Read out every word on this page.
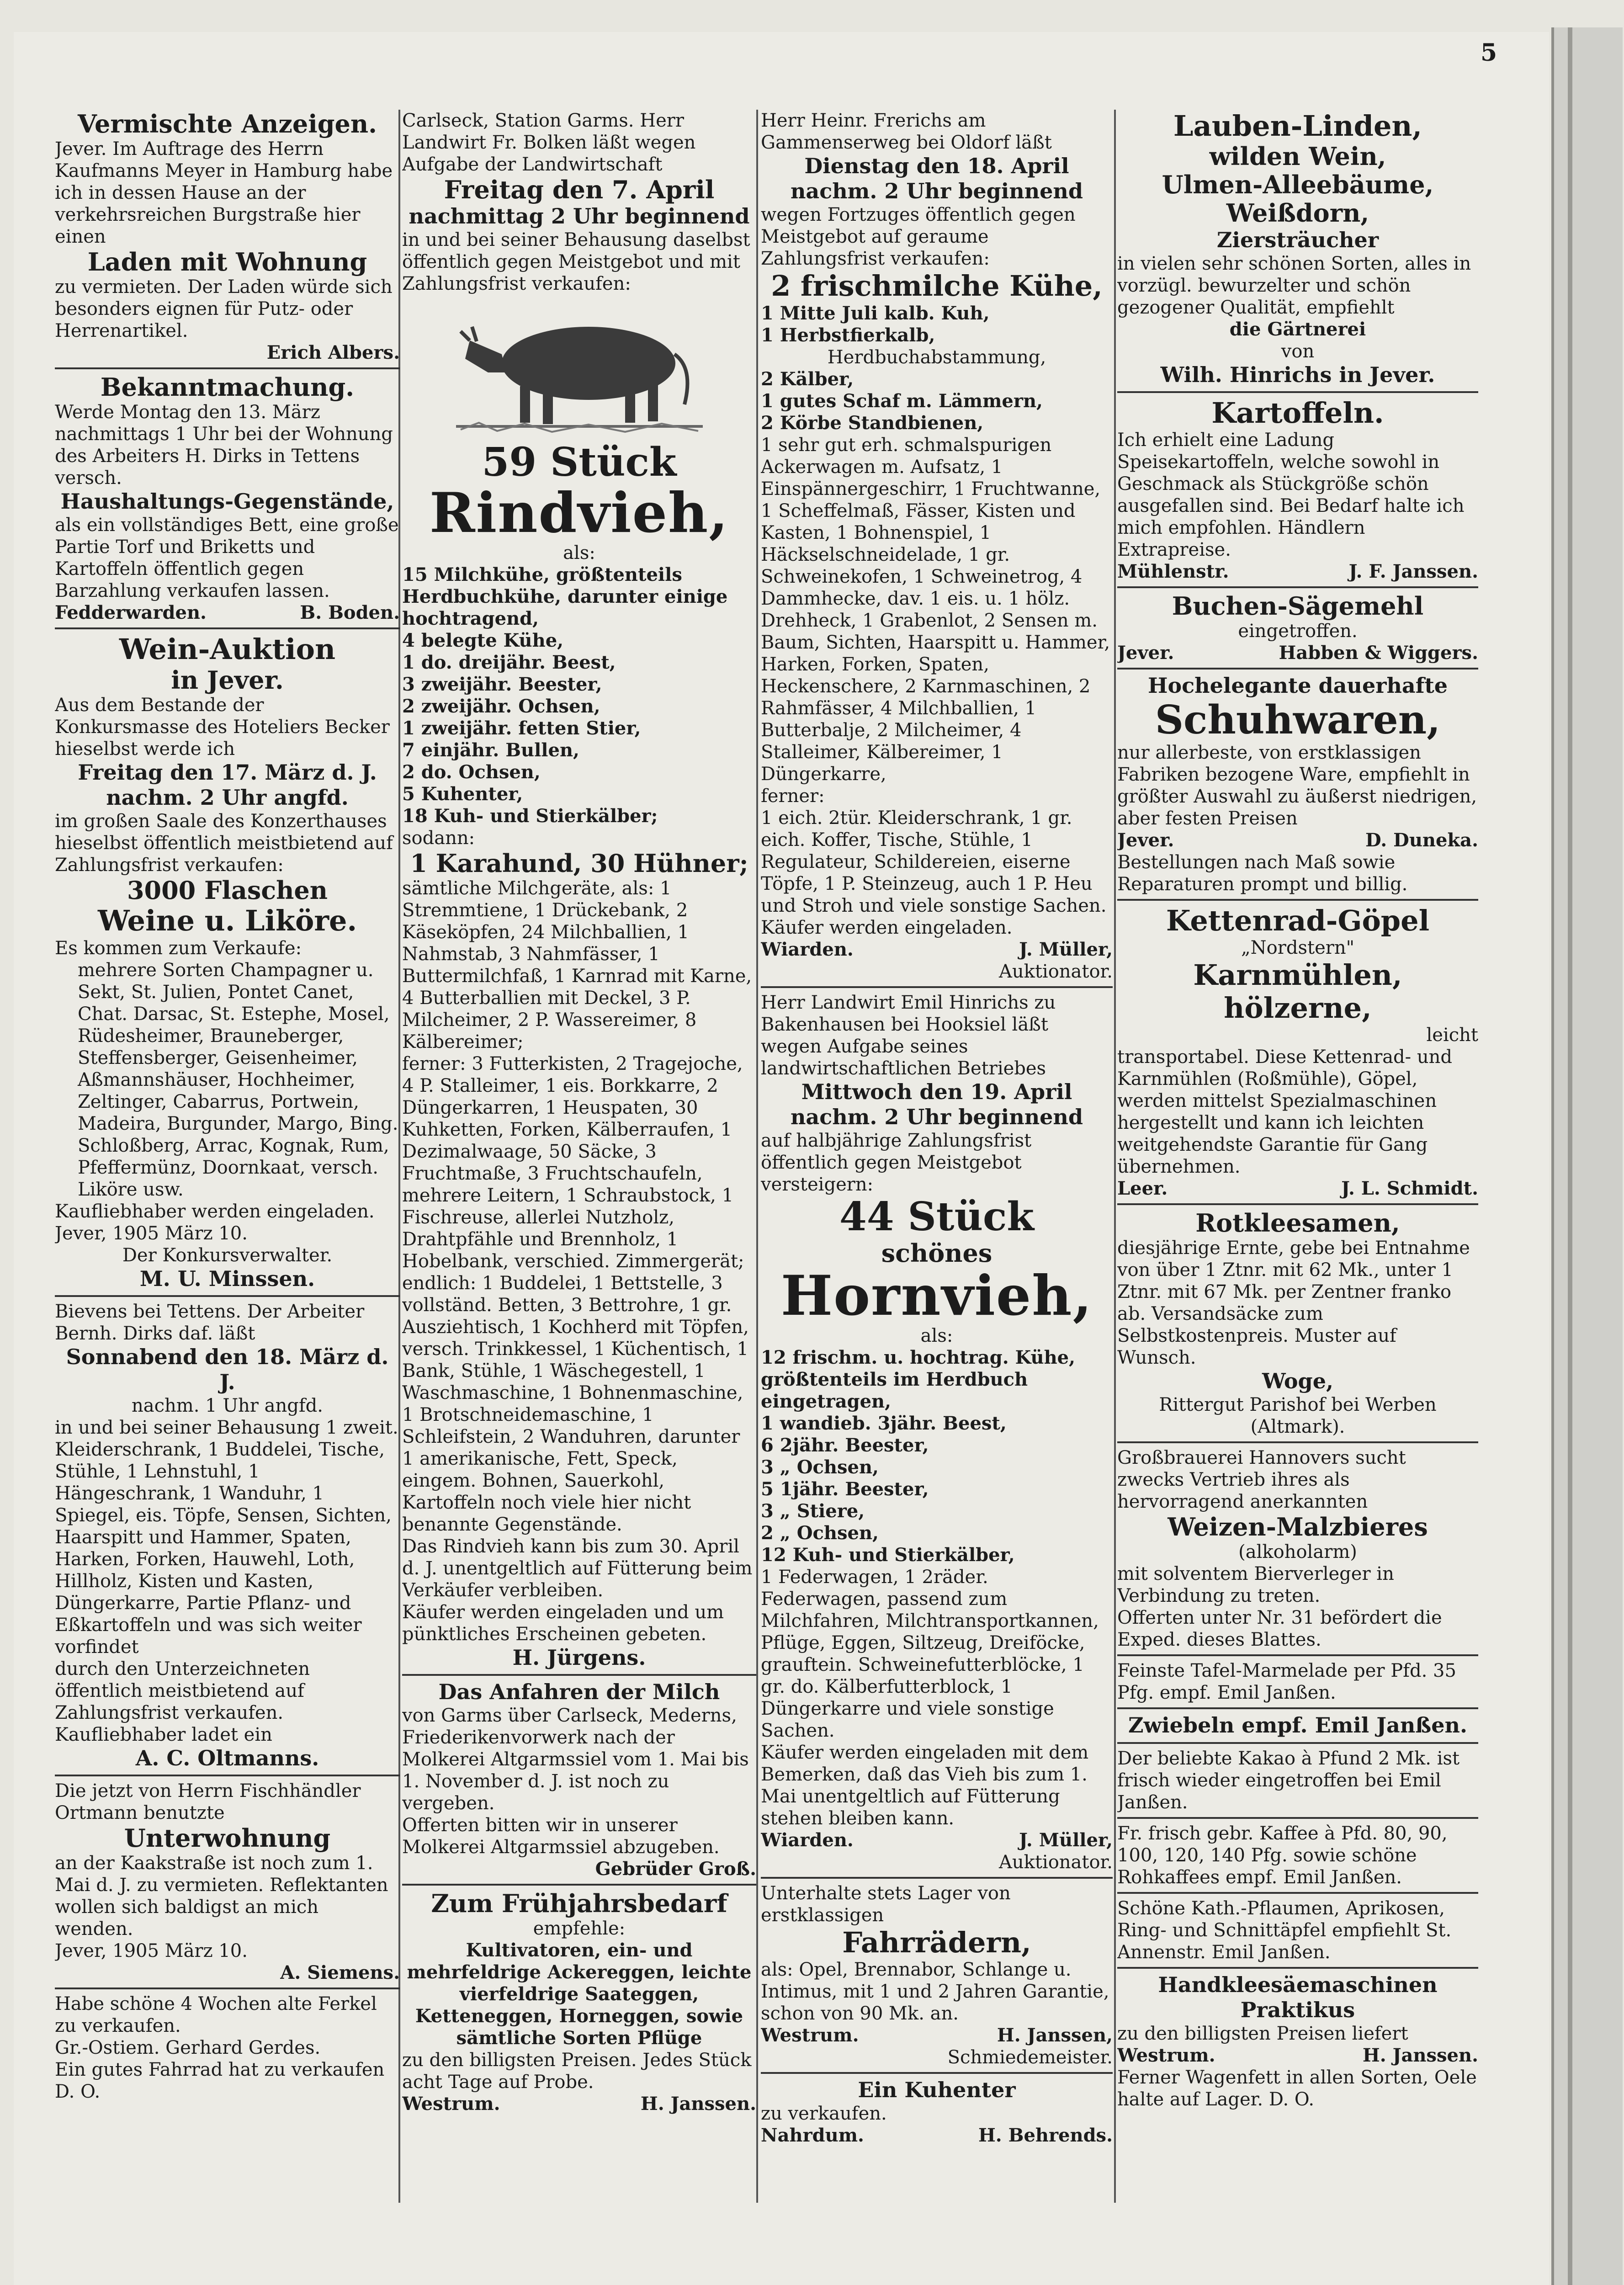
5
Vermischte Anzeigen.
Jever. Im Auftrage des Herrn Kaufmanns Meyer in Hamburg habe ich in dessen Hause an der verkehrsreichen Burgstraße hier einen
Laden mit Wohnung
zu vermieten. Der Laden würde sich besonders eignen für Putz- oder Herrenartikel.
Erich Albers.
Bekanntmachung.
Werde Montag den 13. März nachmittags 1 Uhr bei der Wohnung des Arbeiters H. Dirks in Tettens versch.
Haushaltungs-Gegenstände,
als ein vollständiges Bett, eine große Partie Torf und Briketts und Kartoffeln öffentlich gegen Barzahlung verkaufen lassen.
Fedderwarden.	B. Boden.
Wein-Auktion
in Jever.
Aus dem Bestande der Konkursmasse des Hoteliers Becker hieselbst werde ich
Freitag den 17. März d. J.
nachm. 2 Uhr angfd.
im großen Saale des Konzerthauses hieselbst öffentlich meistbietend auf Zahlungsfrist verkaufen:
3000 Flaschen
Weine u. Liköre.
Es kommen zum Verkaufe:
mehrere Sorten Champagner u. Sekt, St. Julien, Pontet Canet, Chat. Darsac, St. Estephe, Mosel, Rüdesheimer, Brauneberger, Steffensberger, Geisenheimer, Aßmannshäuser, Hochheimer, Zeltinger, Cabarrus, Portwein, Madeira, Burgunder, Margo, Bing. Schloßberg, Arrac, Kognak, Rum, Pfeffermünz, Doornkaat, versch. Liköre usw.
Kaufliebhaber werden eingeladen.
Jever, 1905 März 10.
Der Konkursverwalter.
M. U. Minssen.
Bievens bei Tettens. Der Arbeiter Bernh. Dirks daf. läßt
Sonnabend den 18. März d. J.
nachm. 1 Uhr angfd.
in und bei seiner Behausung 1 zweit. Kleiderschrank, 1 Buddelei, Tische, Stühle, 1 Lehnstuhl, 1 Hängeschrank, 1 Wanduhr, 1 Spiegel, eis. Töpfe, Sensen, Sichten, Haarspitt und Hammer, Spaten, Harken, Forken, Hauwehl, Loth, Hillholz, Kisten und Kasten, Düngerkarre, Partie Pflanz- und Eßkartoffeln und was sich weiter vorfindet
durch den Unterzeichneten öffentlich meistbietend auf Zahlungsfrist verkaufen.
Kaufliebhaber ladet ein
A. C. Oltmanns.
Die jetzt von Herrn Fischhändler Ortmann benutzte
Unterwohnung
an der Kaakstraße ist noch zum 1. Mai d. J. zu vermieten. Reflektanten wollen sich baldigst an mich wenden.
Jever, 1905 März 10.
A. Siemens.
Habe schöne 4 Wochen alte Ferkel zu verkaufen.
Gr.-Ostiem. Gerhard Gerdes.
Ein gutes Fahrrad hat zu verkaufen D. O.
Carlseck, Station Garms. Herr Landwirt Fr. Bolken läßt wegen Aufgabe der Landwirtschaft
Freitag den 7. April
nachmittag 2 Uhr beginnend
in und bei seiner Behausung daselbst öffentlich gegen Meistgebot und mit Zahlungsfrist verkaufen:
59 Stück
Rindvieh,
als:
15 Milchkühe, größtenteils Herdbuchkühe, darunter einige hochtragend,
4 belegte Kühe,
1 do. dreijähr. Beest,
3 zweijähr. Beester,
2 zweijähr. Ochsen,
1 zweijähr. fetten Stier,
7 einjähr. Bullen,
2 do. Ochsen,
5 Kuhenter,
18 Kuh- und Stierkälber;
sodann:
1 Karahund, 30 Hühner;
sämtliche Milchgeräte, als: 1 Stremmtiene, 1 Drückebank, 2 Käseköpfen, 24 Milchballien, 1 Nahmstab, 3 Nahmfässer, 1 Buttermilchfaß, 1 Karnrad mit Karne, 4 Butterballien mit Deckel, 3 P. Milcheimer, 2 P. Wassereimer, 8 Kälbereimer;
ferner: 3 Futterkisten, 2 Tragejoche, 4 P. Stalleimer, 1 eis. Borkkarre, 2 Düngerkarren, 1 Heuspaten, 30 Kuhketten, Forken, Kälberraufen, 1 Dezimalwaage, 50 Säcke, 3 Fruchtmaße, 3 Fruchtschaufeln, mehrere Leitern, 1 Schraubstock, 1 Fischreuse, allerlei Nutzholz, Drahtpfähle und Brennholz, 1 Hobelbank, verschied. Zimmergerät;
endlich: 1 Buddelei, 1 Bettstelle, 3 vollständ. Betten, 3 Bettrohre, 1 gr. Ausziehtisch, 1 Kochherd mit Töpfen, versch. Trinkkessel, 1 Küchentisch, 1 Bank, Stühle, 1 Wäschegestell, 1 Waschmaschine, 1 Bohnenmaschine, 1 Brotschneidemaschine, 1 Schleifstein, 2 Wanduhren, darunter 1 amerikanische, Fett, Speck, eingem. Bohnen, Sauerkohl, Kartoffeln noch viele hier nicht benannte Gegenstände.
Das Rindvieh kann bis zum 30. April d. J. unentgeltlich auf Fütterung beim Verkäufer verbleiben.
Käufer werden eingeladen und um pünktliches Erscheinen gebeten.
H. Jürgens.
Das Anfahren der Milch
von Garms über Carlseck, Mederns, Friederikenvorwerk nach der Molkerei Altgarmssiel vom 1. Mai bis 1. November d. J. ist noch zu vergeben.
Offerten bitten wir in unserer Molkerei Altgarmssiel abzugeben.
Gebrüder Groß.
Zum Frühjahrsbedarf
empfehle:
Kultivatoren, ein- und mehrfeldrige Ackereggen, leichte vierfeldrige Saateggen, Ketteneggen, Horneggen, sowie sämtliche Sorten Pflüge
zu den billigsten Preisen. Jedes Stück acht Tage auf Probe.
Westrum.	H. Janssen.
Herr Heinr. Frerichs am Gammenserweg bei Oldorf läßt
Dienstag den 18. April
nachm. 2 Uhr beginnend
wegen Fortzuges öffentlich gegen Meistgebot auf geraume Zahlungsfrist verkaufen:
2 frischmilche Kühe,
1 Mitte Juli kalb. Kuh,
1 Herbstfierkalb,
Herdbuchabstammung,
2 Kälber,
1 gutes Schaf m. Lämmern,
2 Körbe Standbienen,
1 sehr gut erh. schmalspurigen Ackerwagen m. Aufsatz, 1 Einspännergeschirr, 1 Fruchtwanne, 1 Scheffelmaß, Fässer, Kisten und Kasten, 1 Bohnenspiel, 1 Häckselschneidelade, 1 gr. Schweinekofen, 1 Schweinetrog, 4 Dammhecke, dav. 1 eis. u. 1 hölz. Drehheck, 1 Grabenlot, 2 Sensen m. Baum, Sichten, Haarspitt u. Hammer, Harken, Forken, Spaten, Heckenschere, 2 Karnmaschinen, 2 Rahmfässer, 4 Milchballien, 1 Butterbalje, 2 Milcheimer, 4 Stalleimer, Kälbereimer, 1 Düngerkarre,
ferner:
1 eich. 2tür. Kleiderschrank, 1 gr. eich. Koffer, Tische, Stühle, 1 Regulateur, Schildereien, eiserne Töpfe, 1 P. Steinzeug, auch 1 P. Heu und Stroh und viele sonstige Sachen.
Käufer werden eingeladen.
Wiarden.	J. Müller,
Auktionator.
Herr Landwirt Emil Hinrichs zu Bakenhausen bei Hooksiel läßt wegen Aufgabe seines landwirtschaftlichen Betriebes
Mittwoch den 19. April nachm. 2 Uhr beginnend
auf halbjährige Zahlungsfrist öffentlich gegen Meistgebot versteigern:
44 Stück
schönes
Hornvieh,
als:
12 frischm. u. hochtrag. Kühe, größtenteils im Herdbuch eingetragen,
1 wandieb. 3jähr. Beest,
6 2jähr. Beester,
3 „ Ochsen,
5 1jähr. Beester,
3 „ Stiere,
2 „ Ochsen,
12 Kuh- und Stierkälber,
1 Federwagen, 1 2räder. Federwagen, passend zum Milchfahren, Milchtransportkannen, Pflüge, Eggen, Siltzeug, Dreiföcke, grauftein. Schweinefutterblöcke, 1 gr. do. Kälberfutterblock, 1 Düngerkarre und viele sonstige Sachen.
Käufer werden eingeladen mit dem Bemerken, daß das Vieh bis zum 1. Mai unentgeltlich auf Fütterung stehen bleiben kann.
Wiarden.	J. Müller,
Auktionator.
Unterhalte stets Lager von erstklassigen
Fahrrädern,
als: Opel, Brennabor, Schlange u. Intimus, mit 1 und 2 Jahren Garantie, schon von 90 Mk. an.
Westrum.	H. Janssen,
Schmiedemeister.
Ein Kuhenter
zu verkaufen.
Nahrdum.	H. Behrends.
Lauben-Linden,
wilden Wein,
Ulmen-Alleebäume,
Weißdorn,
Ziersträucher
in vielen sehr schönen Sorten, alles in vorzügl. bewurzelter und schön gezogener Qualität, empfiehlt
die Gärtnerei
von
Wilh. Hinrichs in Jever.
Kartoffeln.
Ich erhielt eine Ladung Speisekartoffeln, welche sowohl in Geschmack als Stückgröße schön ausgefallen sind. Bei Bedarf halte ich mich empfohlen. Händlern Extrapreise.
Mühlenstr.	J. F. Janssen.
Buchen-Sägemehl
eingetroffen.
Jever.	Habben & Wiggers.
Hochelegante dauerhafte
Schuhwaren,
nur allerbeste, von erstklassigen Fabriken bezogene Ware, empfiehlt in größter Auswahl zu äußerst niedrigen, aber festen Preisen
Jever.	D. Duneka.
Bestellungen nach Maß sowie Reparaturen prompt und billig.
Kettenrad-Göpel
„Nordstern"
Karnmühlen, hölzerne,
leicht
transportabel. Diese Kettenrad- und Karnmühlen (Roßmühle), Göpel, werden mittelst Spezialmaschinen hergestellt und kann ich leichten weitgehendste Garantie für Gang übernehmen.
Leer.	J. L. Schmidt.
Rotkleesamen,
diesjährige Ernte, gebe bei Entnahme von über 1 Ztnr. mit 62 Mk., unter 1 Ztnr. mit 67 Mk. per Zentner franko ab. Versandsäcke zum Selbstkostenpreis. Muster auf Wunsch.
Woge,
Rittergut Parishof bei Werben (Altmark).
Großbrauerei Hannovers sucht zwecks Vertrieb ihres als hervorragend anerkannten
Weizen-Malzbieres
(alkoholarm)
mit solventem Bierverleger in Verbindung zu treten.
Offerten unter Nr. 31 befördert die Exped. dieses Blattes.
Feinste Tafel-Marmelade per Pfd. 35 Pfg. empf. Emil Janßen.
Zwiebeln empf. Emil Janßen.
Der beliebte Kakao à Pfund 2 Mk. ist frisch wieder eingetroffen bei Emil Janßen.
Fr. frisch gebr. Kaffee à Pfd. 80, 90, 100, 120, 140 Pfg. sowie schöne Rohkaffees empf. Emil Janßen.
Schöne Kath.-Pflaumen, Aprikosen, Ring- und Schnittäpfel empfiehlt St. Annenstr. Emil Janßen.
Handkleesäemaschinen Praktikus
zu den billigsten Preisen liefert
Westrum.	H. Janssen.
Ferner Wagenfett in allen Sorten, Oele halte auf Lager. D. O.
